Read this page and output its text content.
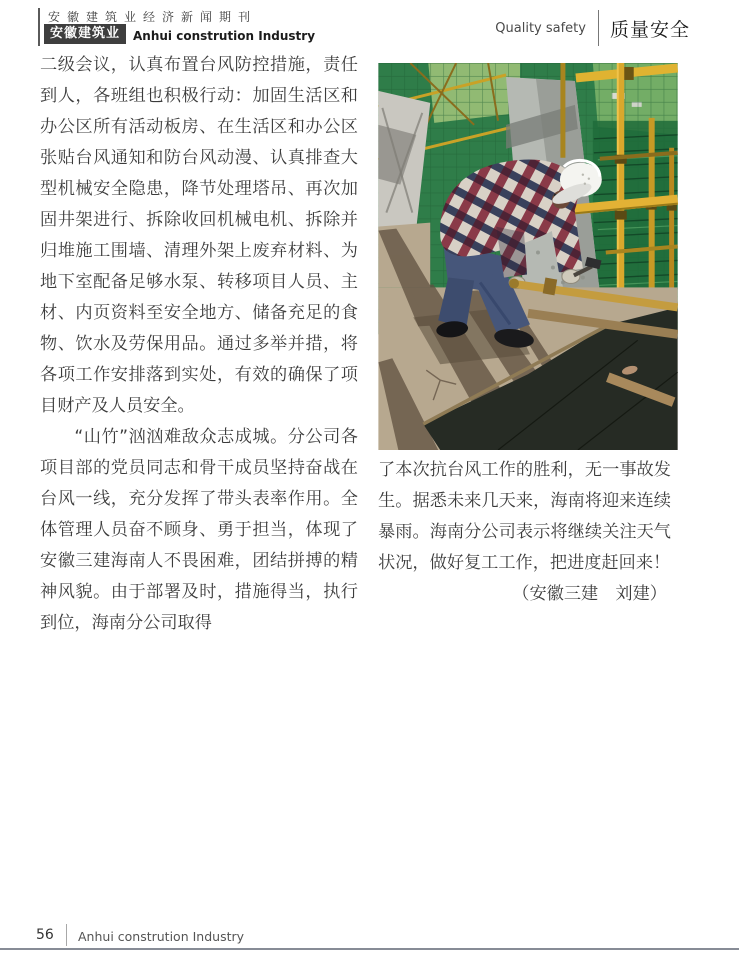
安徽建筑业经济新闻期刊
安徽建筑业	Anhui constrution Industry	Quality safety 质量安全

二级会议，认真布置台风防控措施，责任到人，各班组也积极行动：加固生活区和办公区所有活动板房、在生活区和办公区张贴台风通知和防台风动漫、认真排查大型机械安全隐患，降节处理塔吊、再次加固井架进行、拆除收回机械电机、拆除并归堆施工围墙、清理外架上废弃材料、为地下室配备足够水泵、转移项目人员、主材、内页资料至安全地方、储备充足的食物、饮水及劳保用品。通过多举并措，将各项工作安排落到实处，有效的确保了项目财产及人员安全。

“山竹”汹汹难敌众志成城。分公司各项目部的党员同志和骨干成员坚持奋战在台风一线，充分发挥了带头表率作用。全体管理人员奋不顾身、勇于担当，体现了安徽三建海南人不畏困难，团结拼搏的精神风貌。由于部署及时，措施得当，执行到位，海南分公司取得

了本次抗台风工作的胜利，无一事故发生。据悉未来几天来，海南将迎来连续暴雨。海南分公司表示将继续关注天气状况，做好复工工作，把进度赶回来！

（安徽三建　刘建）

56 Anhui constrution Industry
